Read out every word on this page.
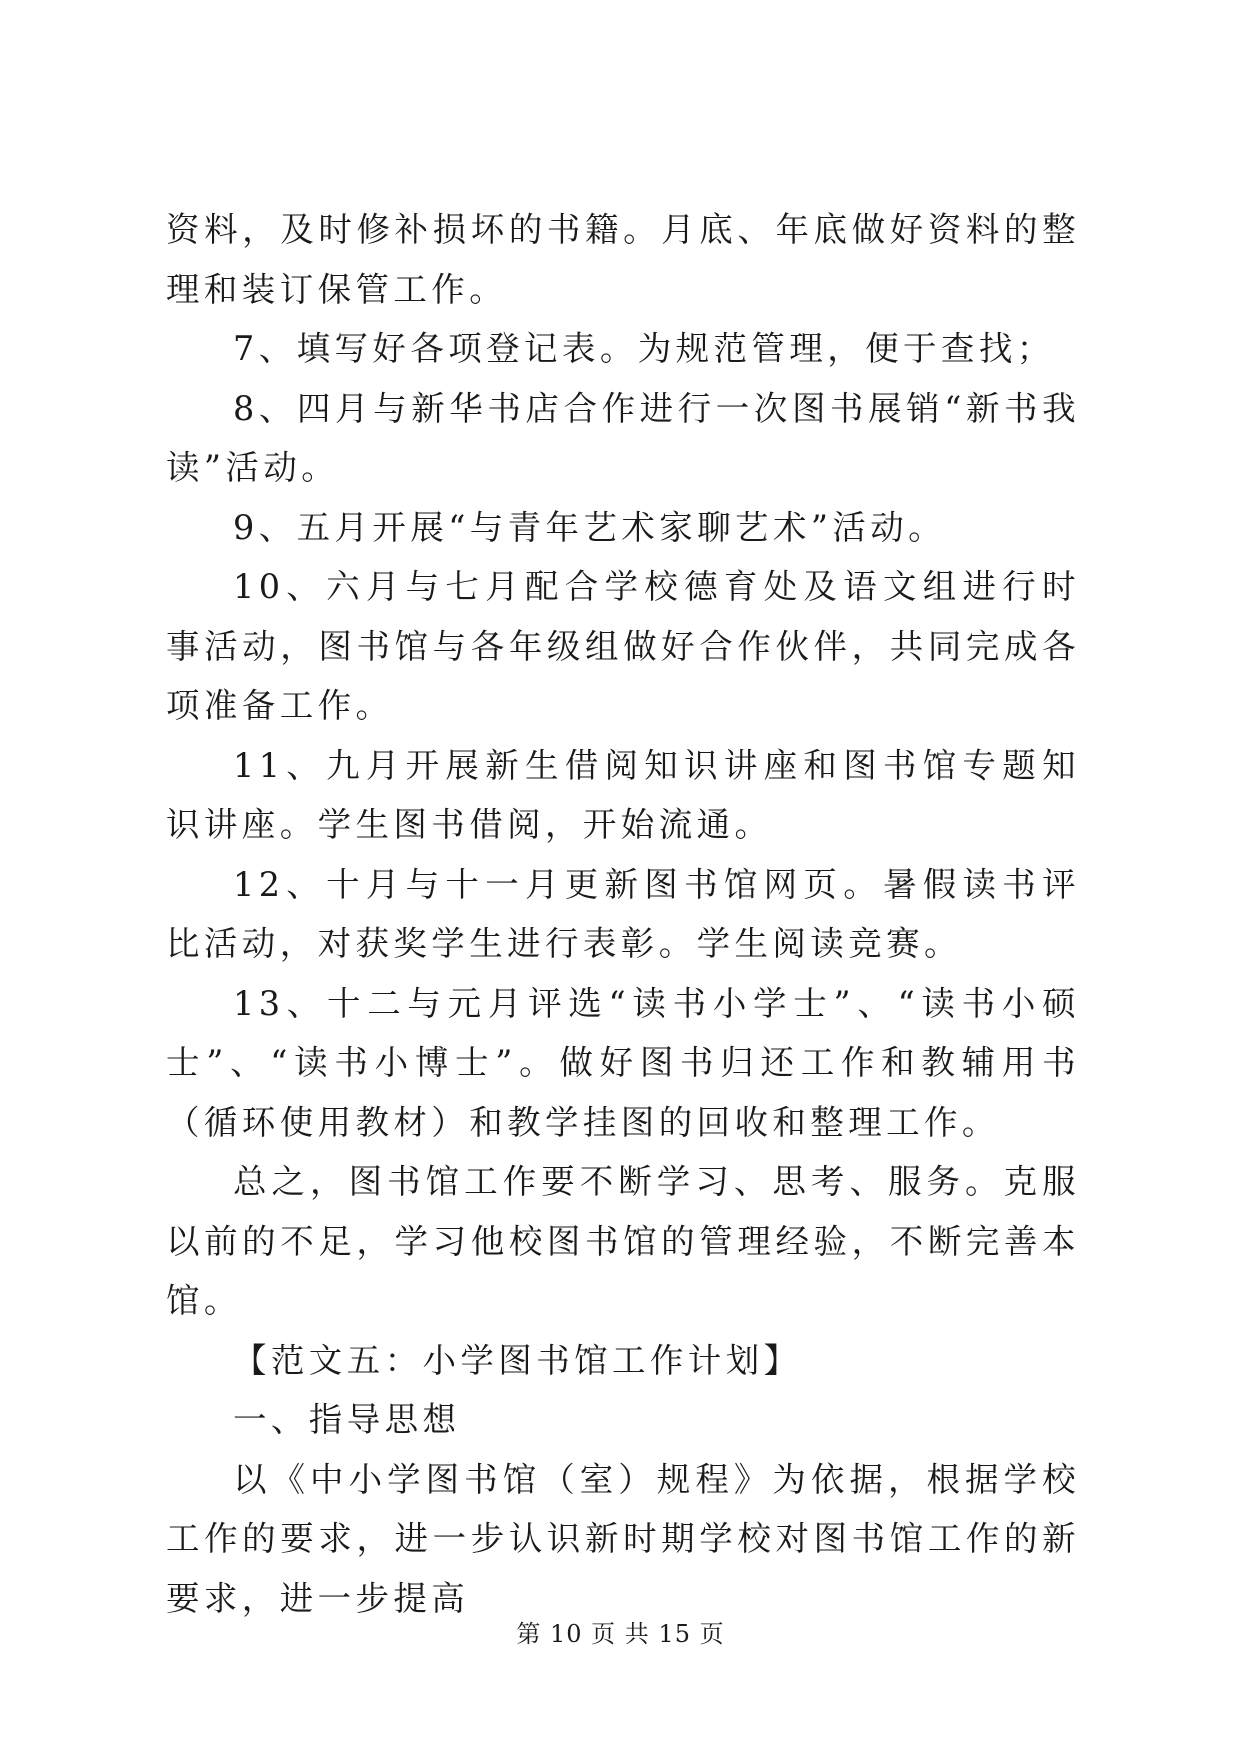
资料，及时修补损坏的书籍。月底、年底做好资料的整理和装订保管工作。

7、填写好各项登记表。为规范管理，便于查找；

8、四月与新华书店合作进行一次图书展销“新书我读”活动。

9、五月开展“与青年艺术家聊艺术”活动。

10、六月与七月配合学校德育处及语文组进行时事活动，图书馆与各年级组做好合作伙伴，共同完成各项准备工作。

11、九月开展新生借阅知识讲座和图书馆专题知识讲座。学生图书借阅，开始流通。

12、十月与十一月更新图书馆网页。暑假读书评比活动，对获奖学生进行表彰。学生阅读竞赛。

13、十二与元月评选“读书小学士”、“读书小硕士”、“读书小博士”。做好图书归还工作和教辅用书（循环使用教材）和教学挂图的回收和整理工作。

总之，图书馆工作要不断学习、思考、服务。克服以前的不足，学习他校图书馆的管理经验，不断完善本馆。

【范文五：小学图书馆工作计划】

一、指导思想

以《中小学图书馆（室）规程》为依据，根据学校工作的要求，进一步认识新时期学校对图书馆工作的新要求，进一步提高

第 10 页 共 15 页
